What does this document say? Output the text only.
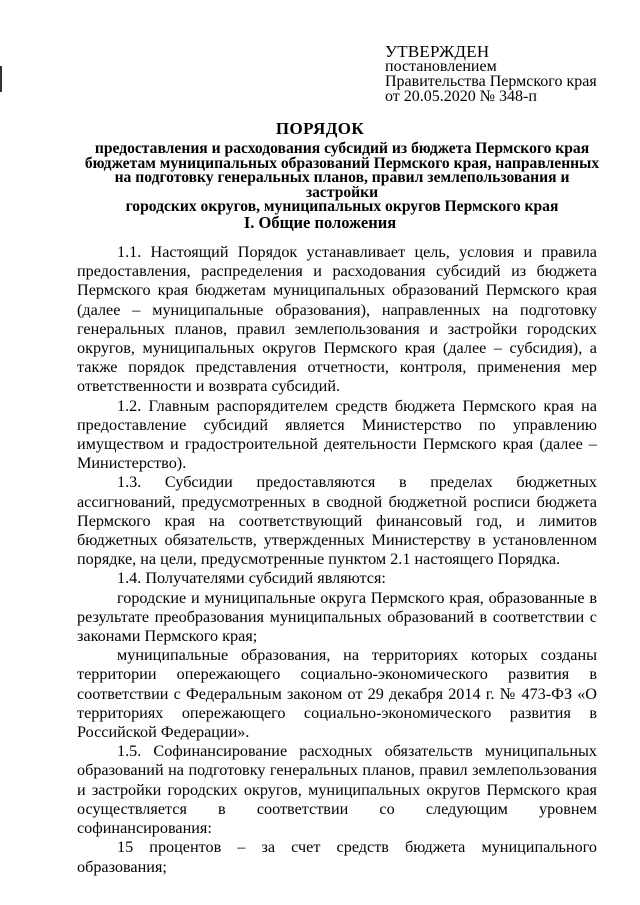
УТВЕРЖДЕН
постановлением
Правительства Пермского края
от 20.05.2020 № 348-п
ПОРЯДОК
предоставления и расходования субсидий из бюджета Пермского края
бюджетам муниципальных образований Пермского края, направленных
на подготовку генеральных планов, правил землепользования и застройки
городских округов, муниципальных округов Пермского края
I. Общие положения

1.1. Настоящий Порядок устанавливает цель, условия и правила предоставления, распределения и расходования субсидий из бюджета Пермского края бюджетам муниципальных образований Пермского края (далее – муниципальные образования), направленных на подготовку генеральных планов, правил землепользования и застройки городских округов, муниципальных округов Пермского края (далее – субсидия), а также порядок представления отчетности, контроля, применения мер ответственности и возврата субсидий.

1.2. Главным распорядителем средств бюджета Пермского края на предоставление субсидий является Министерство по управлению имуществом и градостроительной деятельности Пермского края (далее – Министерство).

1.3. Субсидии предоставляются в пределах бюджетных ассигнований, предусмотренных в сводной бюджетной росписи бюджета Пермского края на соответствующий финансовый год, и лимитов бюджетных обязательств, утвержденных Министерству в установленном порядке, на цели, предусмотренные пунктом 2.1 настоящего Порядка.

1.4. Получателями субсидий являются:

городские и муниципальные округа Пермского края, образованные в результате преобразования муниципальных образований в соответствии с законами Пермского края;

муниципальные образования, на территориях которых созданы территории опережающего социально-экономического развития в соответствии с Федеральным законом от 29 декабря 2014 г. № 473-ФЗ «О территориях опережающего социально-экономического развития в Российской Федерации».

1.5. Софинансирование расходных обязательств муниципальных образований на подготовку генеральных планов, правил землепользования и застройки городских округов, муниципальных округов Пермского края осуществляется в соответствии со следующим уровнем софинансирования:

15 процентов – за счет средств бюджета муниципального образования;
